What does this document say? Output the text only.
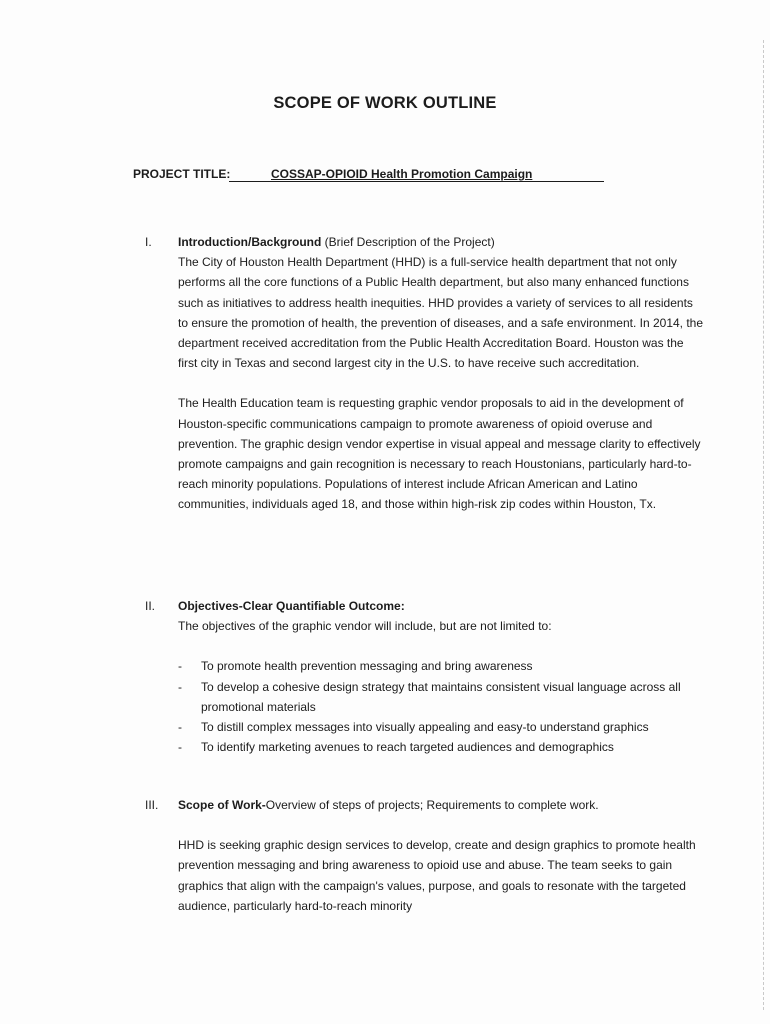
SCOPE OF WORK OUTLINE
PROJECT TITLE:	COSSAP-OPIOID Health Promotion Campaign
I.	Introduction/Background (Brief Description of the Project)

The City of Houston Health Department (HHD) is a full-service health department that not only performs all the core functions of a Public Health department, but also many enhanced functions such as initiatives to address health inequities. HHD provides a variety of services to all residents to ensure the promotion of health, the prevention of diseases, and a safe environment. In 2014, the department received accreditation from the Public Health Accreditation Board. Houston was the first city in Texas and second largest city in the U.S. to have receive such accreditation.

The Health Education team is requesting graphic vendor proposals to aid in the development of Houston-specific communications campaign to promote awareness of opioid overuse and prevention. The graphic design vendor expertise in visual appeal and message clarity to effectively promote campaigns and gain recognition is necessary to reach Houstonians, particularly hard-to-reach minority populations. Populations of interest include African American and Latino communities, individuals aged 18, and those within high-risk zip codes within Houston, Tx.

II.	Objectives-Clear Quantifiable Outcome:
The objectives of the graphic vendor will include, but are not limited to:
- To promote health prevention messaging and bring awareness
- To develop a cohesive design strategy that maintains consistent visual language across all promotional materials
- To distill complex messages into visually appealing and easy-to understand graphics
- To identify marketing avenues to reach targeted audiences and demographics
III.	Scope of Work-Overview of steps of projects; Requirements to complete work.

HHD is seeking graphic design services to develop, create and design graphics to promote health prevention messaging and bring awareness to opioid use and abuse. The team seeks to gain graphics that align with the campaign's values, purpose, and goals to resonate with the targeted audience, particularly hard-to-reach minority
